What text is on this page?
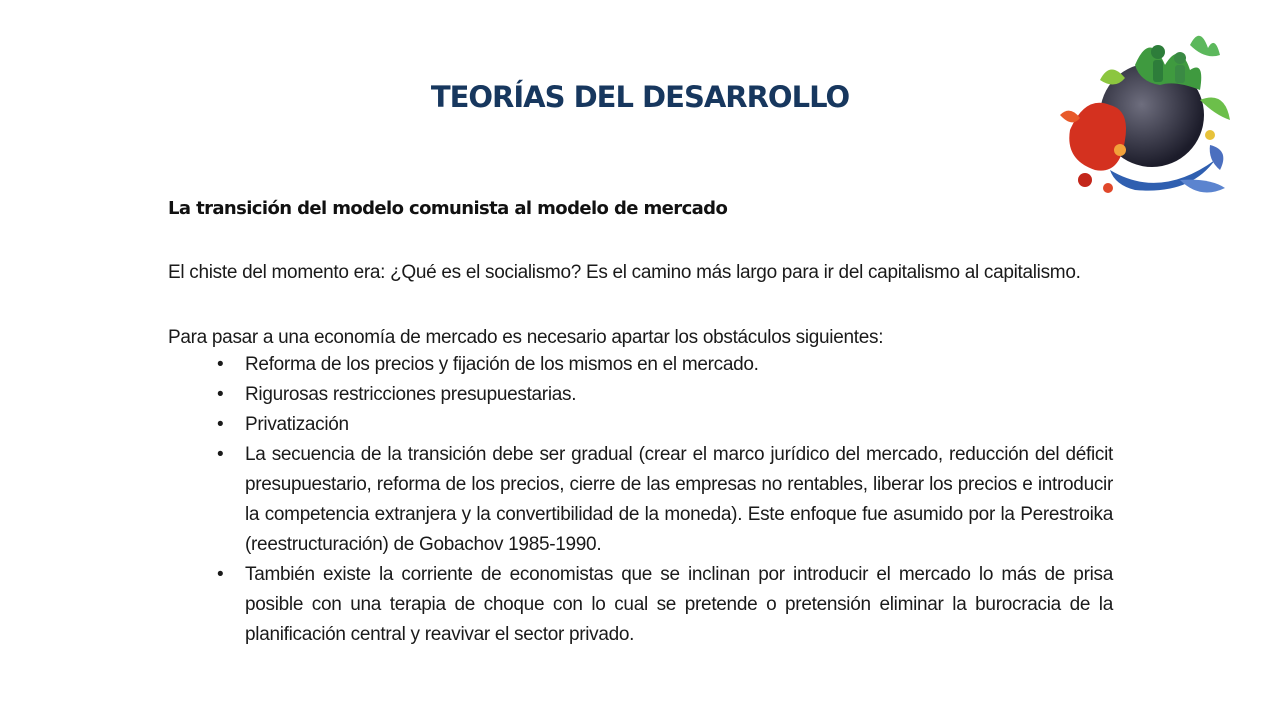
TEORÍAS DEL DESARROLLO
La transición del modelo comunista al modelo de mercado

El chiste del momento era: ¿Qué es el socialismo? Es el camino más largo para ir del capitalismo al capitalismo.

Para pasar a una economía de mercado es necesario apartar los obstáculos siguientes:

• Reforma de los precios y fijación de los mismos en el mercado.
• Rigurosas restricciones presupuestarias.
• Privatización
• La secuencia de la transición debe ser gradual (crear el marco jurídico del mercado, reducción del déficit presupuestario, reforma de los precios, cierre de las empresas no rentables, liberar los precios e introducir la competencia extranjera y la convertibilidad de la moneda). Este enfoque fue asumido por la Perestroika (reestructuración) de Gobachov 1985-1990.
• También existe la corriente de economistas que se inclinan por introducir el mercado lo más de prisa posible con una terapia de choque con lo cual se pretende o pretensión eliminar la burocracia de la planificación central y reavivar el sector privado.
